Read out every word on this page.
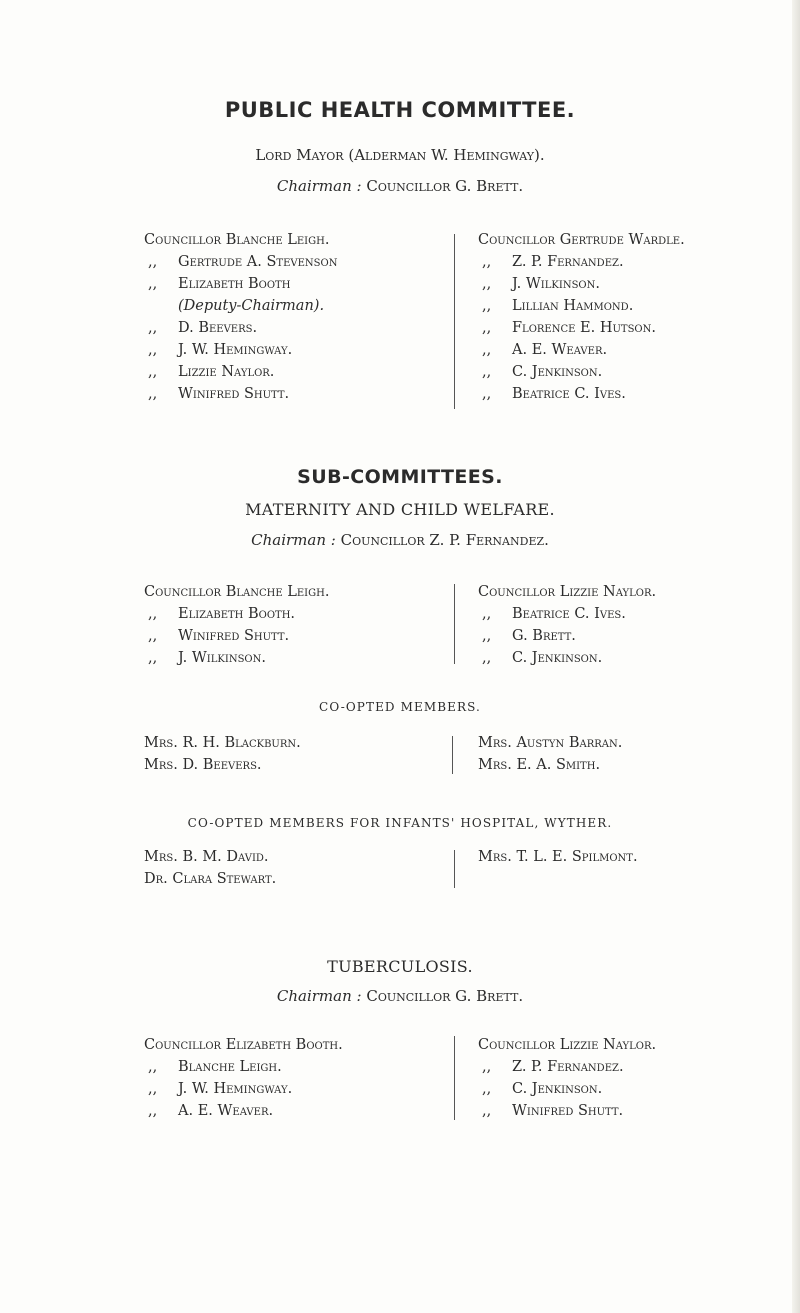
PUBLIC HEALTH COMMITTEE.
Lord Mayor (Alderman W. Hemingway).
Chairman : Councillor G. Brett.
Councillor Blanche Leigh.
,, Gertrude A. Stevenson
,, Elizabeth Booth
(Deputy-Chairman).
,, D. Beevers.
,, J. W. Hemingway.
,, Lizzie Naylor.
,, Winifred Shutt.
Councillor Gertrude Wardle.
,, Z. P. Fernandez.
,, J. Wilkinson.
,, Lillian Hammond.
,, Florence E. Hutson.
,, A. E. Weaver.
,, C. Jenkinson.
,, Beatrice C. Ives.
SUB-COMMITTEES.
MATERNITY AND CHILD WELFARE.
Chairman : Councillor Z. P. Fernandez.
Councillor Blanche Leigh.
,, Elizabeth Booth.
,, Winifred Shutt.
,, J. Wilkinson.
Councillor Lizzie Naylor.
,, Beatrice C. Ives.
,, G. Brett.
,, C. Jenkinson.
CO-OPTED MEMBERS.
Mrs. R. H. Blackburn.
Mrs. D. Beevers.
Mrs. Austyn Barran.
Mrs. E. A. Smith.
CO-OPTED MEMBERS FOR INFANTS' HOSPITAL, WYTHER.
Mrs. B. M. David.
Dr. Clara Stewart.
Mrs. T. L. E. Spilmont.
TUBERCULOSIS.
Chairman : Councillor G. Brett.
Councillor Elizabeth Booth.
,, Blanche Leigh.
,, J. W. Hemingway.
,, A. E. Weaver.
Councillor Lizzie Naylor.
,, Z. P. Fernandez.
,, C. Jenkinson.
,, Winifred Shutt.
